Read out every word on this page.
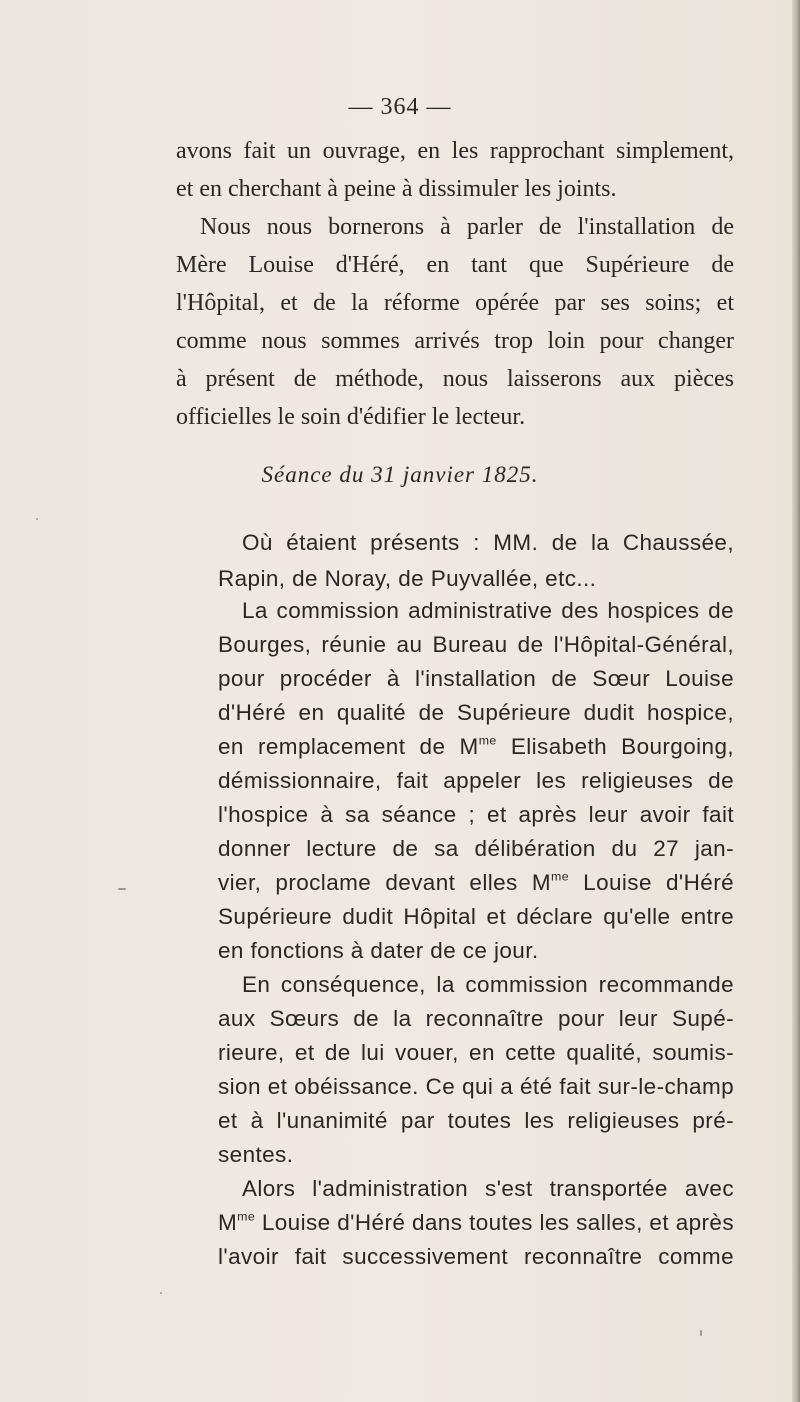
— 364 —
avons fait un ouvrage, en les rapprochant simplement,
et en cherchant à peine à dissimuler les joints.
Nous nous bornerons à parler de l'installation de
Mère Louise d'Héré, en tant que Supérieure de
l'Hôpital, et de la réforme opérée par ses soins; et
comme nous sommes arrivés trop loin pour changer
à présent de méthode, nous laisserons aux pièces
officielles le soin d'édifier le lecteur.
Séance du 31 janvier 1825.
Où étaient présents : MM. de la Chaussée,
Rapin, de Noray, de Puyvallée, etc...
La commission administrative des hospices de
Bourges, réunie au Bureau de l'Hôpital-Général,
pour procéder à l'installation de Sœur Louise
d'Héré en qualité de Supérieure dudit hospice,
en remplacement de $M^{me}$ Elisabeth Bourgoing,
démissionnaire, fait appeler les religieuses de
l'hospice à sa séance ; et après leur avoir fait
donner lecture de sa délibération du 27 jan-
vier, proclame devant elles $M^{me}$ Louise d'Héré
Supérieure dudit Hôpital et déclare qu'elle entre
en fonctions à dater de ce jour.
En conséquence, la commission recommande
aux Sœurs de la reconnaître pour leur Supé-
rieure, et de lui vouer, en cette qualité, soumis-
sion et obéissance. Ce qui a été fait sur-le-champ
et à l'unanimité par toutes les religieuses pré-
sentes.
Alors l'administration s'est transportée avec
$M^{me}$ Louise d'Héré dans toutes les salles, et après
l'avoir fait successivement reconnaître comme
